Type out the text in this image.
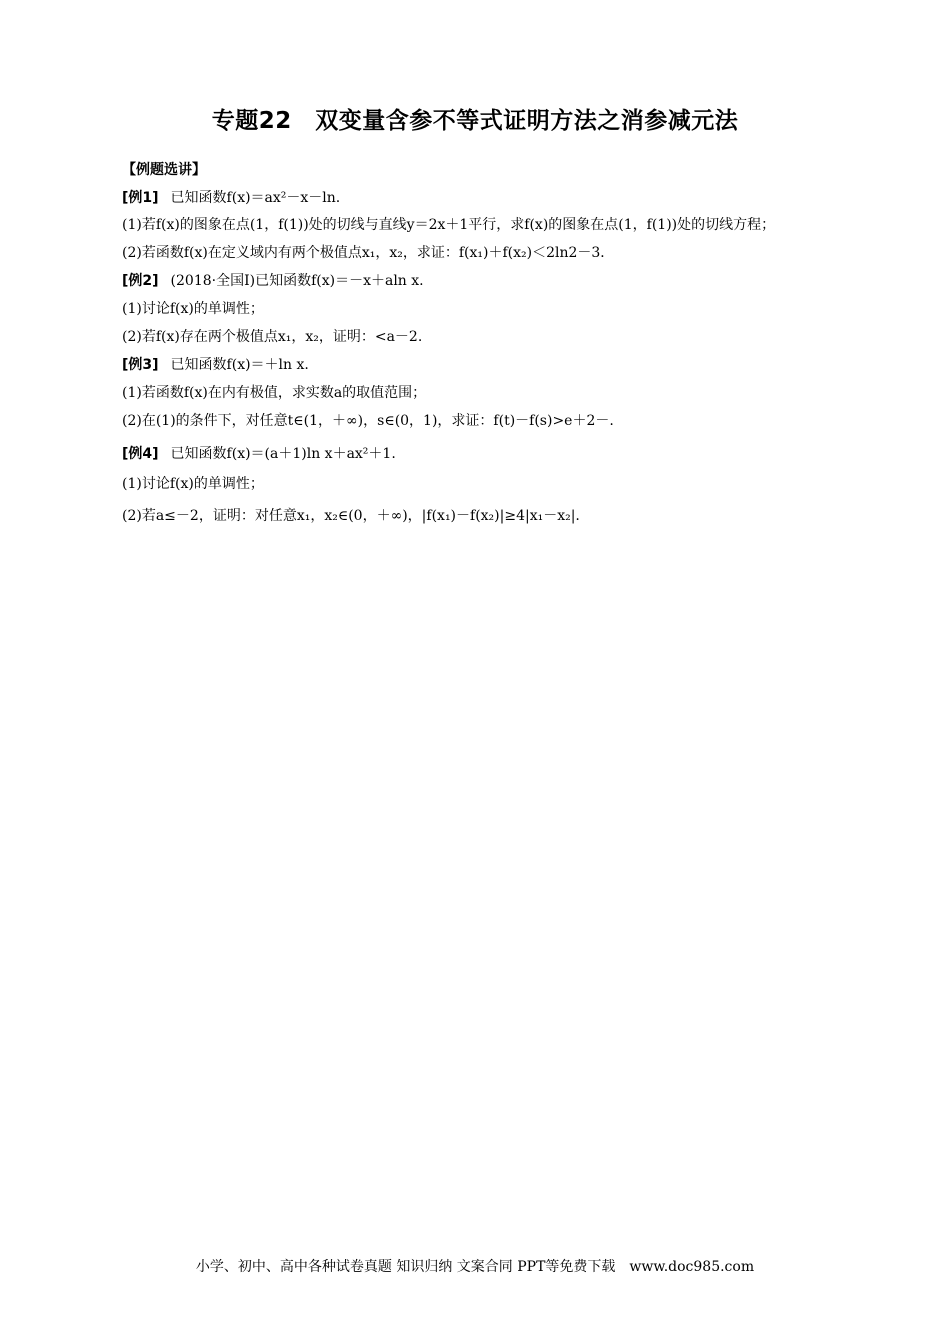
专题22　双变量含参不等式证明方法之消参减元法
【例题选讲】
[例1] 已知函数f(x)＝ax²－x－ln.
(1)若f(x)的图象在点(1，f(1))处的切线与直线y＝2x＋1平行，求f(x)的图象在点(1，f(1))处的切线方程；
(2)若函数f(x)在定义域内有两个极值点x₁，x₂，求证：f(x₁)＋f(x₂)＜2ln2－3．
[例2] (2018·全国Ⅰ)已知函数f(x)＝－x＋aln x.
(1)讨论f(x)的单调性；
(2)若f(x)存在两个极值点x₁，x₂，证明：<a－2.
[例3] 已知函数f(x)＝＋ln x.
(1)若函数f(x)在内有极值，求实数a的取值范围；
(2)在(1)的条件下，对任意t∈(1，＋∞)，s∈(0，1)，求证：f(t)－f(s)>e＋2－.
[例4] 已知函数f(x)＝(a＋1)ln x＋ax²＋1.
(1)讨论f(x)的单调性；
(2)若a≤－2，证明：对任意x₁，x₂∈(0，＋∞)，|f(x₁)－f(x₂)|≥4|x₁－x₂|.
小学、初中、高中各种试卷真题 知识归纳 文案合同 PPT等免费下载　www.doc985.com
